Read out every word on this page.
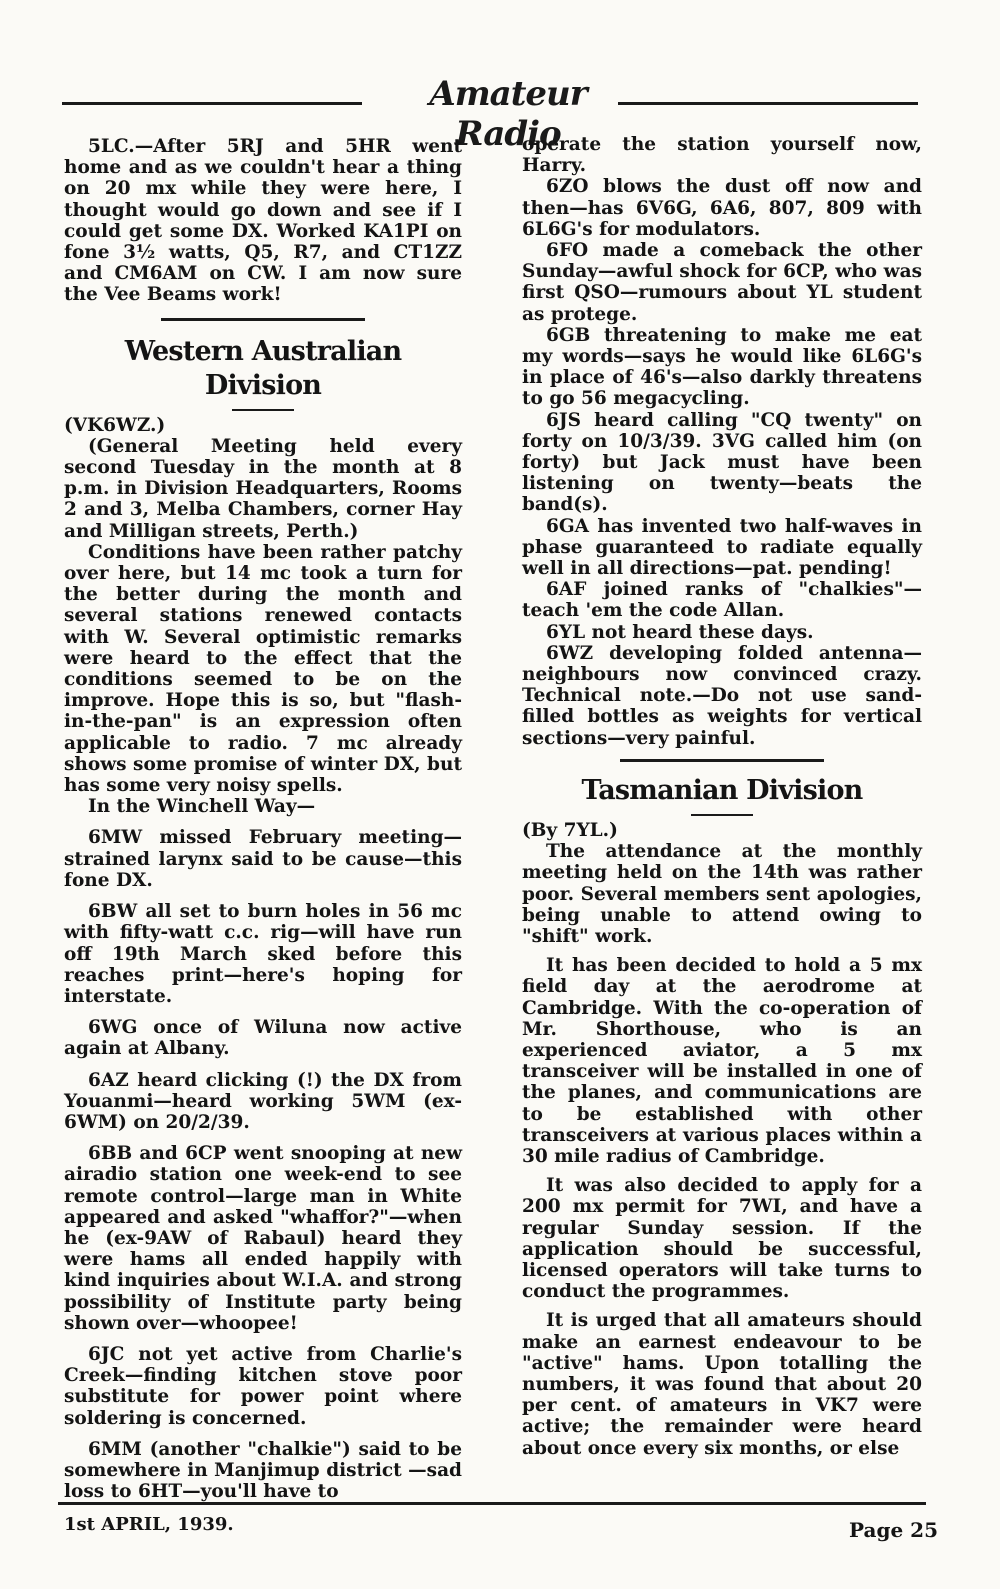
Amateur Radio

5LC.—After 5RJ and 5HR went home and as we couldn't hear a thing on 20 mx while they were here, I thought would go down and see if I could get some DX. Worked KA1PI on fone 3½ watts, Q5, R7, and CT1ZZ and CM6AM on CW. I am now sure the Vee Beams work!

Western Australian Division

(VK6WZ.)

(General Meeting held every second Tuesday in the month at 8 p.m. in Division Headquarters, Rooms 2 and 3, Melba Chambers, corner Hay and Milligan streets, Perth.)

Conditions have been rather patchy over here, but 14 mc took a turn for the better during the month and several stations renewed contacts with W. Several optimistic remarks were heard to the effect that the conditions seemed to be on the improve. Hope this is so, but "flash-in-the-pan" is an expression often applicable to radio. 7 mc already shows some promise of winter DX, but has some very noisy spells.

In the Winchell Way—

6MW missed February meeting—strained larynx said to be cause—this fone DX.

6BW all set to burn holes in 56 mc with fifty-watt c.c. rig—will have run off 19th March sked before this reaches print—here's hoping for interstate.

6WG once of Wiluna now active again at Albany.

6AZ heard clicking (!) the DX from Youanmi—heard working 5WM (ex-6WM) on 20/2/39.

6BB and 6CP went snooping at new airadio station one week-end to see remote control—large man in White appeared and asked "whaffor?"—when he (ex-9AW of Rabaul) heard they were hams all ended happily with kind inquiries about W.I.A. and strong possibility of Institute party being shown over—whoopee!

6JC not yet active from Charlie's Creek—finding kitchen stove poor substitute for power point where soldering is concerned.

6MM (another "chalkie") said to be somewhere in Manjimup district —sad loss to 6HT—you'll have to

operate the station yourself now, Harry.

6ZO blows the dust off now and then—has 6V6G, 6A6, 807, 809 with 6L6G's for modulators.

6FO made a comeback the other Sunday—awful shock for 6CP, who was first QSO—rumours about YL student as protege.

6GB threatening to make me eat my words—says he would like 6L6G's in place of 46's—also darkly threatens to go 56 megacycling.

6JS heard calling "CQ twenty" on forty on 10/3/39. 3VG called him (on forty) but Jack must have been listening on twenty—beats the band(s).

6GA has invented two half-waves in phase guaranteed to radiate equally well in all directions—pat. pending!

6AF joined ranks of "chalkies"—teach 'em the code Allan.

6YL not heard these days.

6WZ developing folded antenna—neighbours now convinced crazy. Technical note.—Do not use sand-filled bottles as weights for vertical sections—very painful.

Tasmanian Division

(By 7YL.)

The attendance at the monthly meeting held on the 14th was rather poor. Several members sent apologies, being unable to attend owing to "shift" work.

It has been decided to hold a 5 mx field day at the aerodrome at Cambridge. With the co-operation of Mr. Shorthouse, who is an experienced aviator, a 5 mx transceiver will be installed in one of the planes, and communications are to be established with other transceivers at various places within a 30 mile radius of Cambridge.

It was also decided to apply for a 200 mx permit for 7WI, and have a regular Sunday session. If the application should be successful, licensed operators will take turns to conduct the programmes.

It is urged that all amateurs should make an earnest endeavour to be "active" hams. Upon totalling the numbers, it was found that about 20 per cent. of amateurs in VK7 were active; the remainder were heard about once every six months, or else

1st APRIL, 1939.	Page 25
